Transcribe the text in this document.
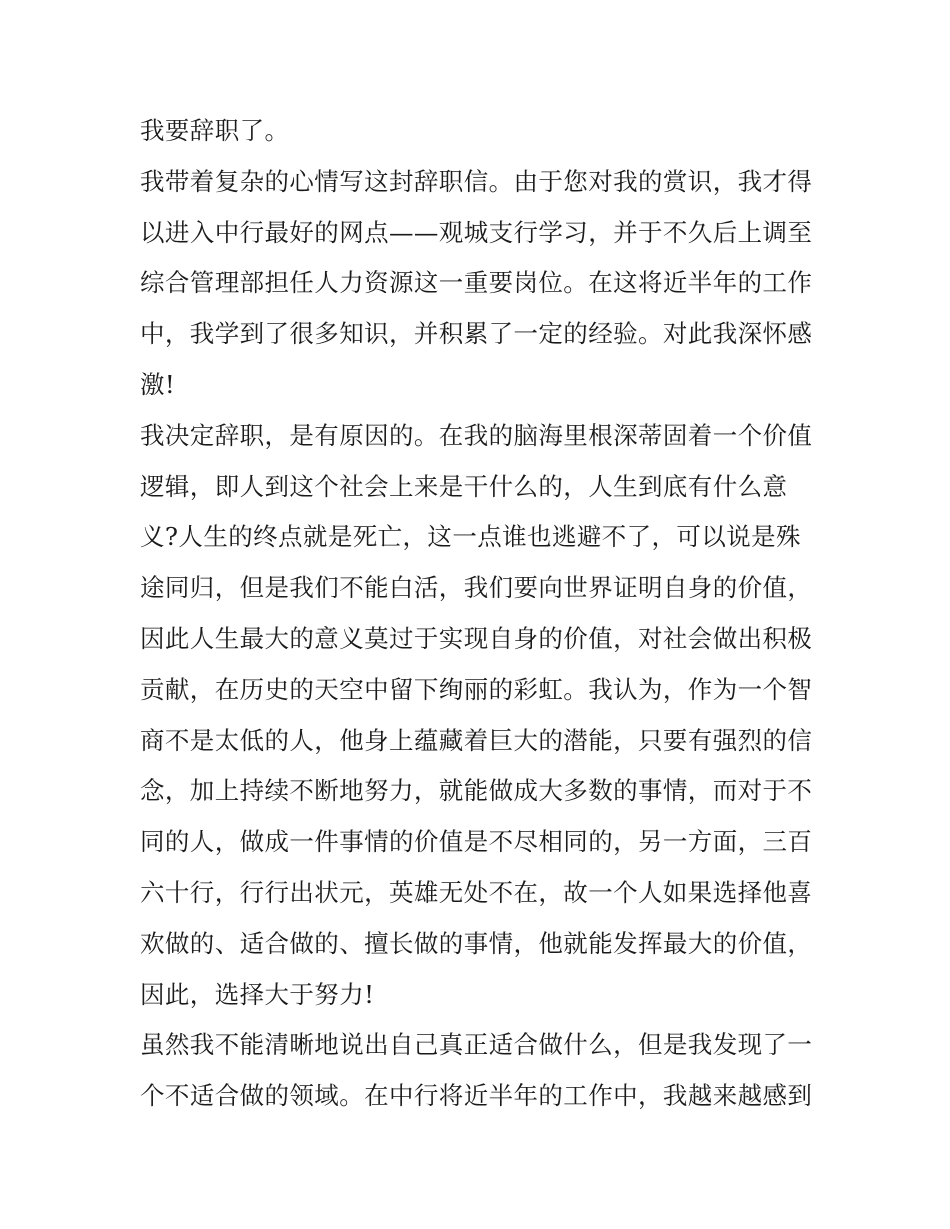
我要辞职了。
我带着复杂的心情写这封辞职信。由于您对我的赏识，我才得
以进入中行最好的网点——观城支行学习，并于不久后上调至
综合管理部担任人力资源这一重要岗位。在这将近半年的工作
中，我学到了很多知识，并积累了一定的经验。对此我深怀感
激!
我决定辞职，是有原因的。在我的脑海里根深蒂固着一个价值
逻辑，即人到这个社会上来是干什么的，人生到底有什么意
义?人生的终点就是死亡，这一点谁也逃避不了，可以说是殊
途同归，但是我们不能白活，我们要向世界证明自身的价值，
因此人生最大的意义莫过于实现自身的价值，对社会做出积极
贡献，在历史的天空中留下绚丽的彩虹。我认为，作为一个智
商不是太低的人，他身上蕴藏着巨大的潜能，只要有强烈的信
念，加上持续不断地努力，就能做成大多数的事情，而对于不
同的人，做成一件事情的价值是不尽相同的，另一方面，三百
六十行，行行出状元，英雄无处不在，故一个人如果选择他喜
欢做的、适合做的、擅长做的事情，他就能发挥最大的价值，
因此，选择大于努力!
虽然我不能清晰地说出自己真正适合做什么，但是我发现了一
个不适合做的领域。在中行将近半年的工作中，我越来越感到
